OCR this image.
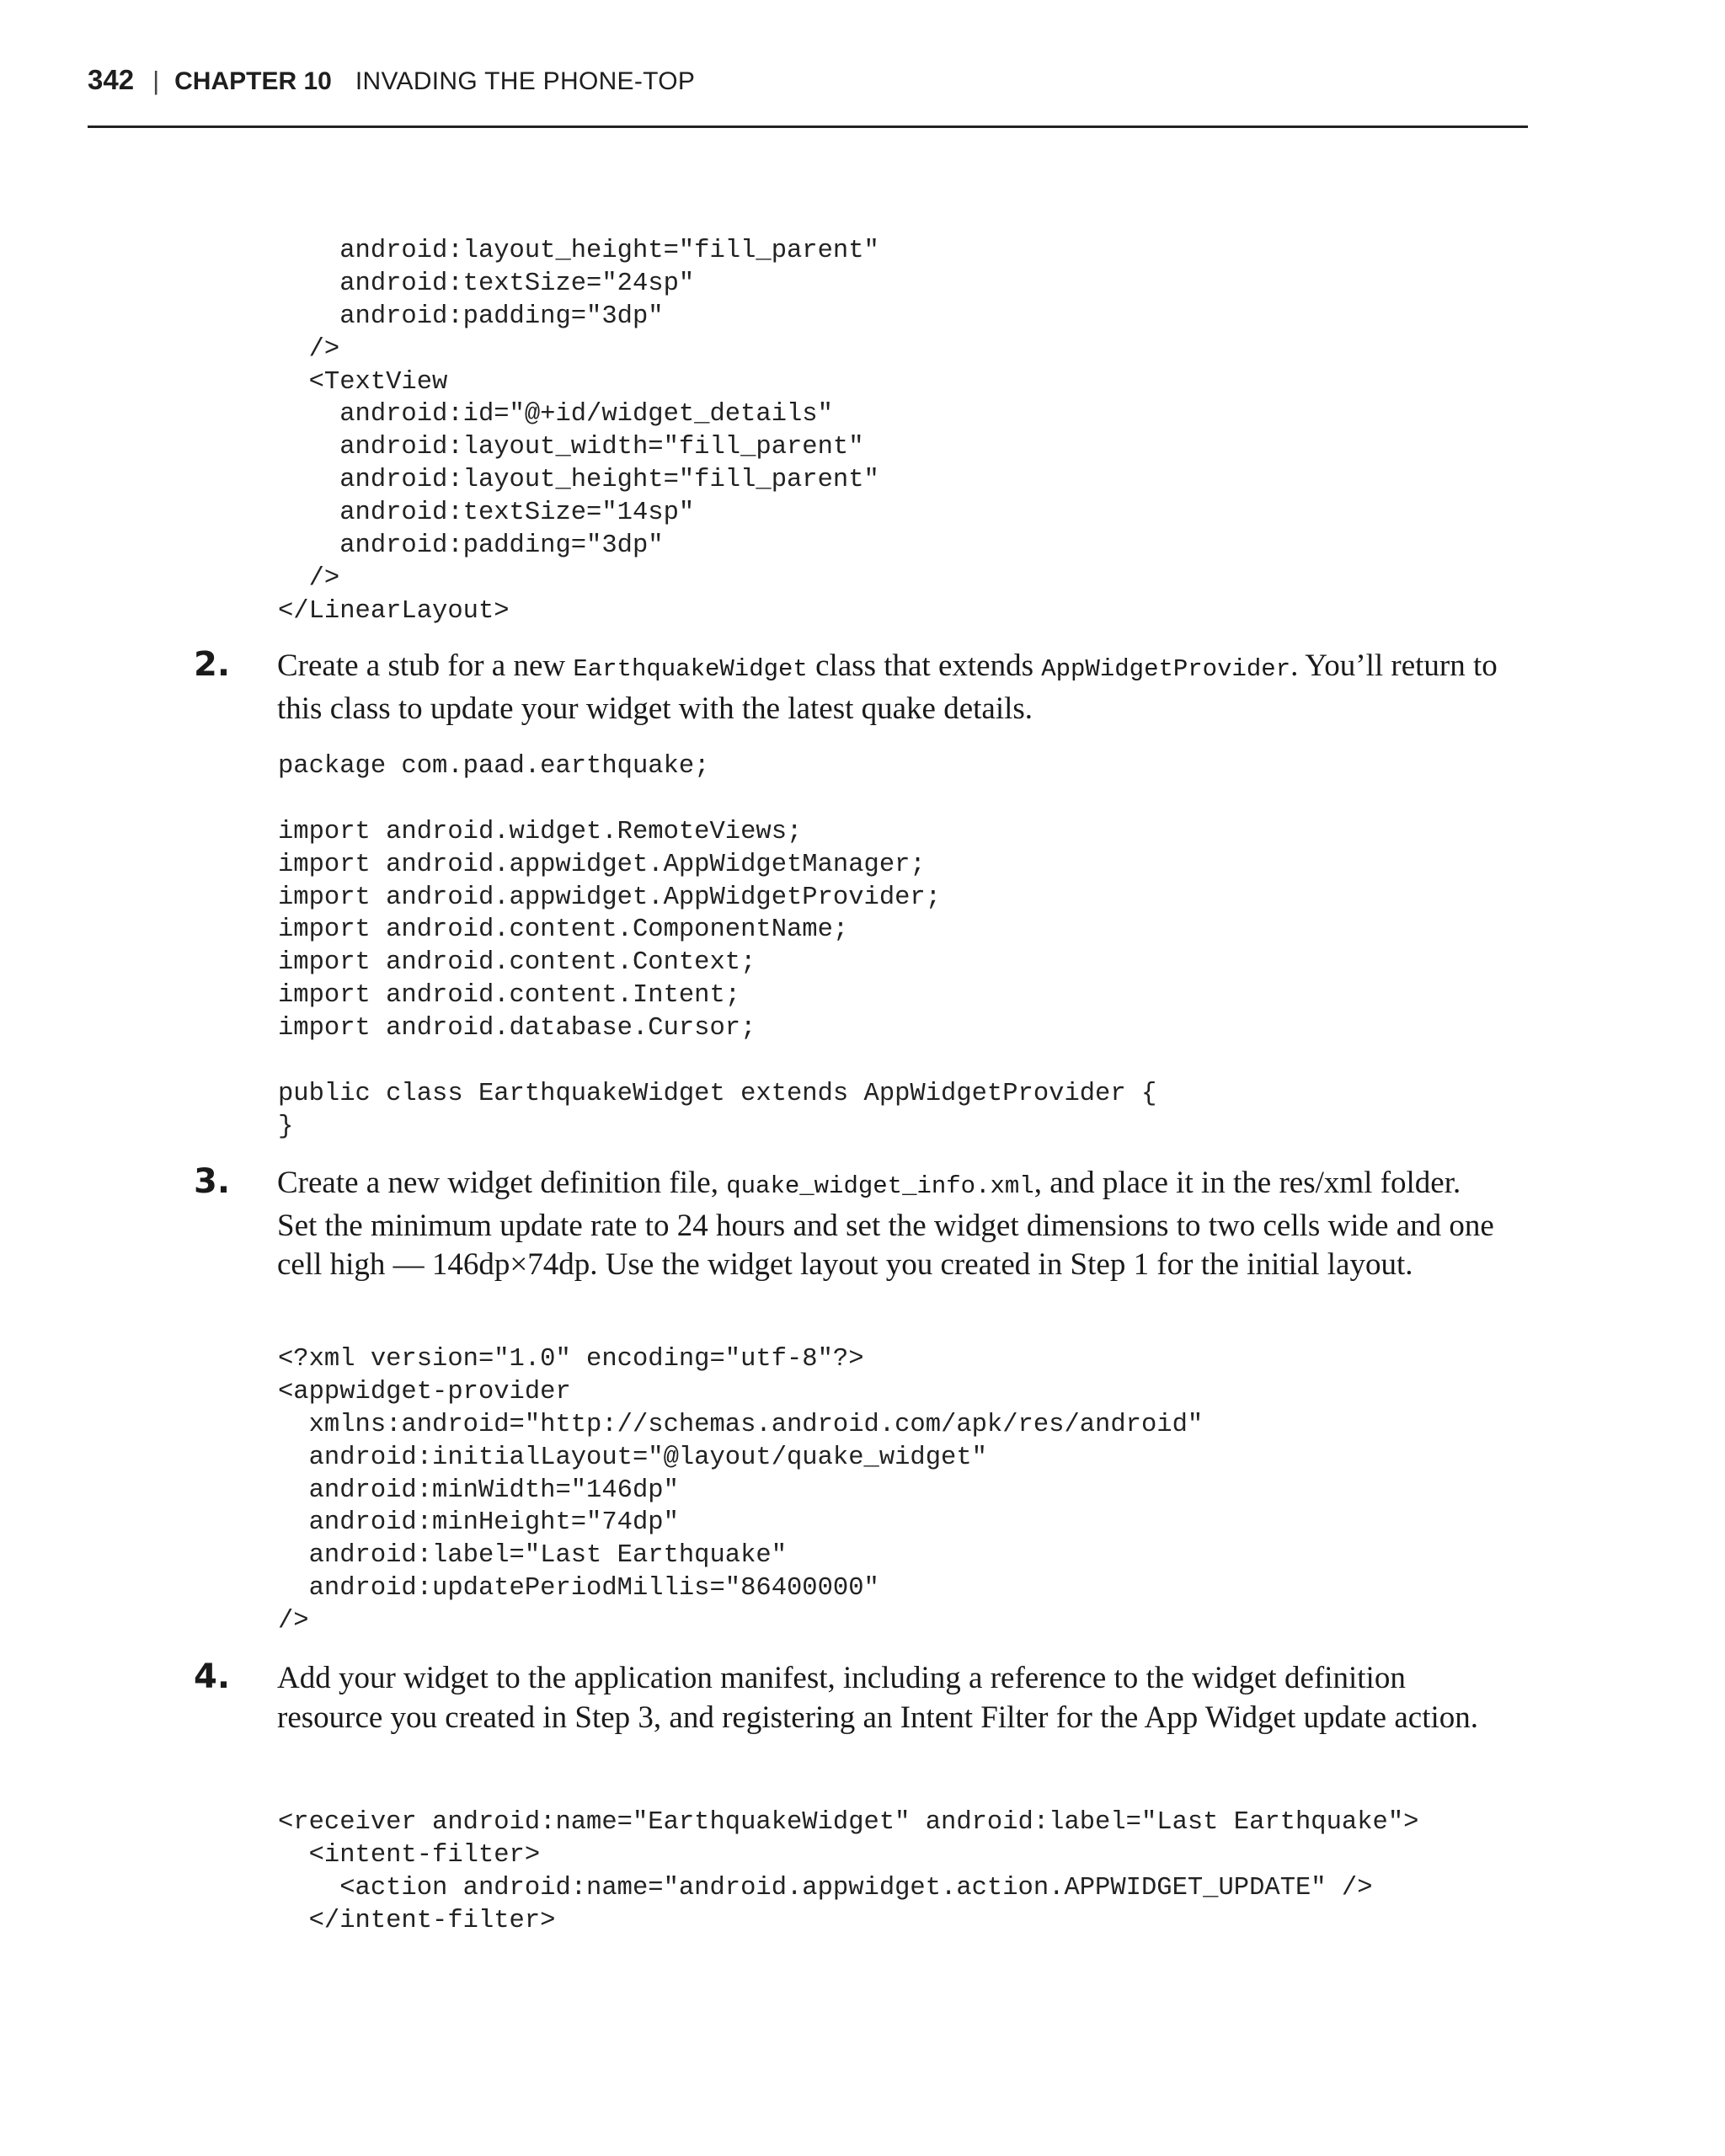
342 | CHAPTER 10 INVADING THE PHONE-TOP
android:layout_height="fill_parent"
android:textSize="24sp"
android:padding="3dp"
/>
<TextView
android:id="@+id/widget_details"
android:layout_width="fill_parent"
android:layout_height="fill_parent"
android:textSize="14sp"
android:padding="3dp"
/>
</LinearLayout>
2. Create a stub for a new EarthquakeWidget class that extends AppWidgetProvider. You’ll return to this class to update your widget with the latest quake details.

package com.paad.earthquake;
import android.widget.RemoteViews;
import android.appwidget.AppWidgetManager;
import android.appwidget.AppWidgetProvider;
import android.content.ComponentName;
import android.content.Context;
import android.content.Intent;
import android.database.Cursor;
public class EarthquakeWidget extends AppWidgetProvider {
}
3. Create a new widget definition file, quake_widget_info.xml, and place it in the res/xml folder. Set the minimum update rate to 24 hours and set the widget dimensions to two cells wide and one cell high — 146dp×74dp. Use the widget layout you created in Step 1 for the initial layout.

<?xml version="1.0" encoding="utf-8"?>
<appwidget-provider
xmlns:android="http://schemas.android.com/apk/res/android"
android:initialLayout="@layout/quake_widget"
android:minWidth="146dp"
android:minHeight="74dp"
android:label="Last Earthquake"
android:updatePeriodMillis="86400000"
/>
4. Add your widget to the application manifest, including a reference to the widget definition resource you created in Step 3, and registering an Intent Filter for the App Widget update action.

<receiver android:name="EarthquakeWidget" android:label="Last Earthquake">
<intent-filter>
<action android:name="android.appwidget.action.APPWIDGET_UPDATE" />
</intent-filter>
